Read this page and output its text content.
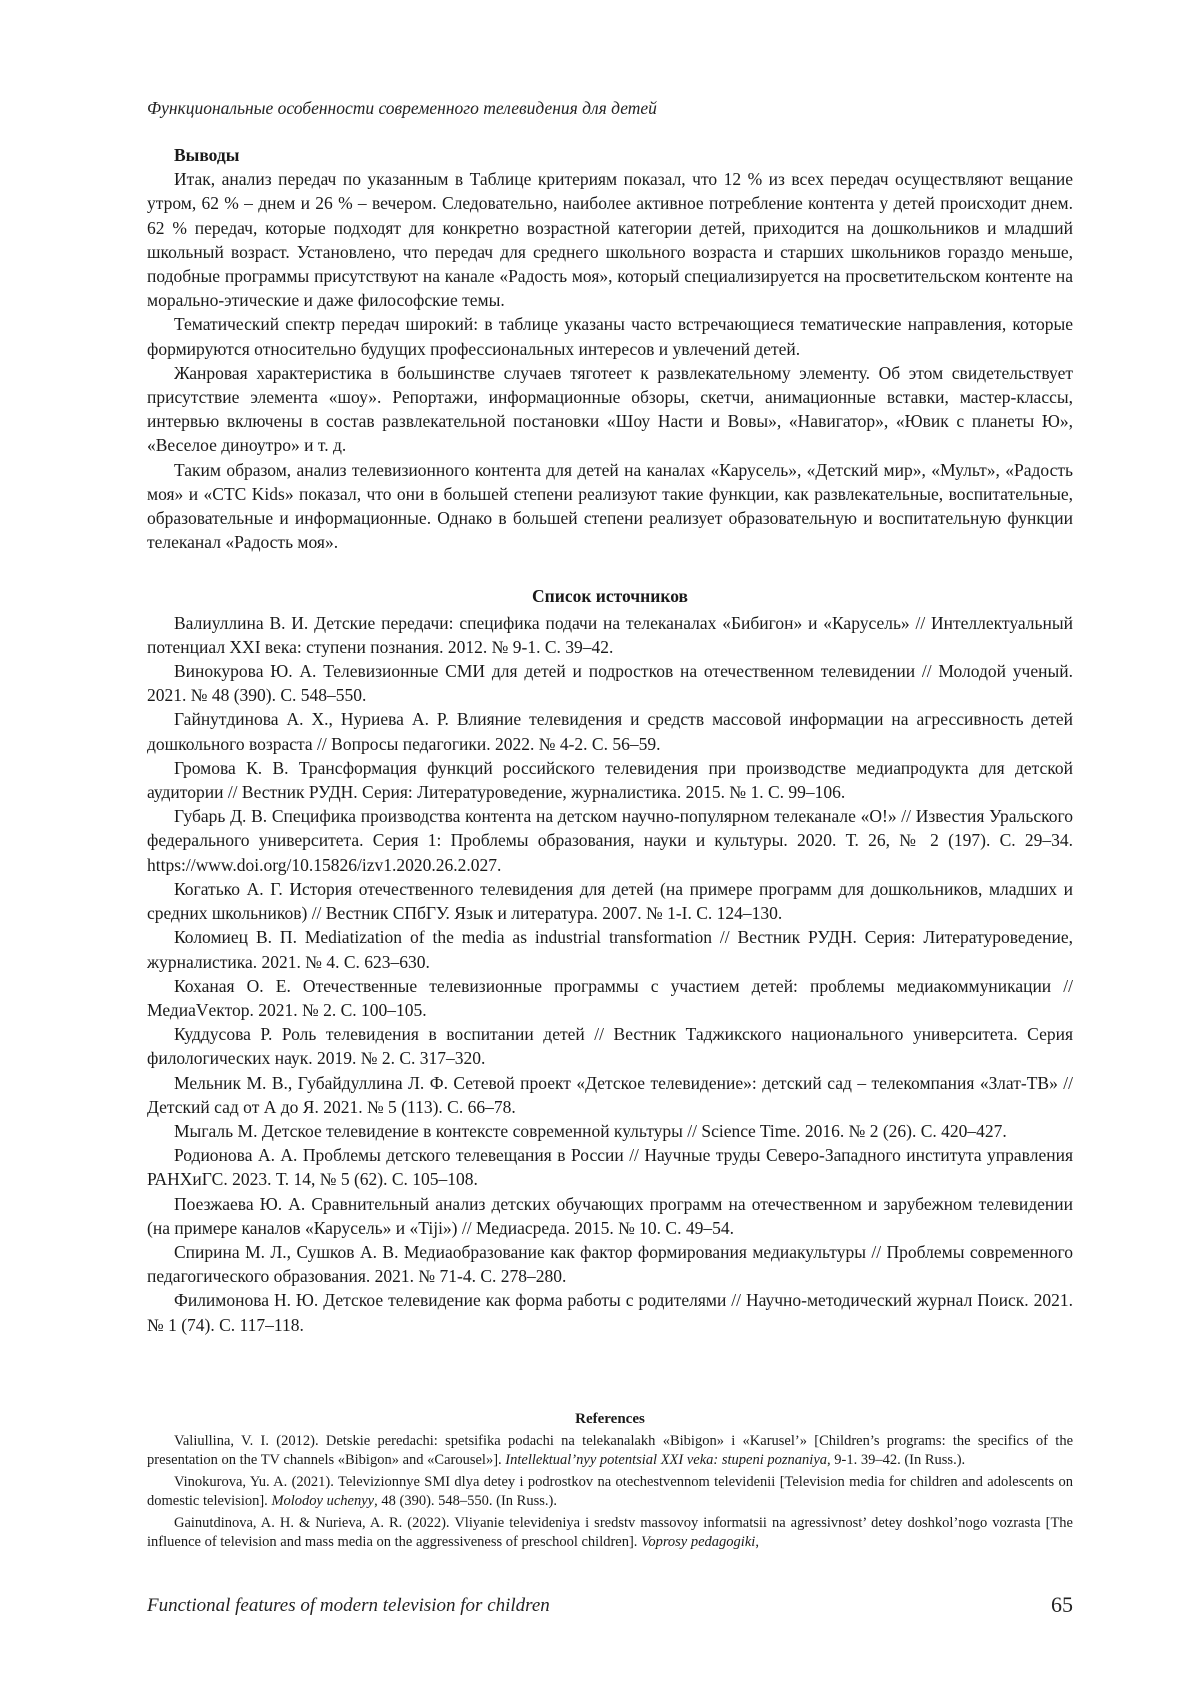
Функциональные особенности современного телевидения для детей
Выводы

Итак, анализ передач по указанным в Таблице критериям показал, что 12 % из всех передач осуществляют вещание утром, 62 % – днем и 26 % – вечером. Следовательно, наиболее активное потребление контента у детей происходит днем. 62 % передач, которые подходят для конкретно возрастной категории детей, приходится на дошкольников и младший школьный возраст. Установлено, что передач для среднего школьного возраста и старших школьников гораздо меньше, подобные программы присутствуют на канале «Радость моя», который специализируется на просветительском контенте на морально-этические и даже философские темы.

Тематический спектр передач широкий: в таблице указаны часто встречающиеся тематические направления, которые формируются относительно будущих профессиональных интересов и увлечений детей.

Жанровая характеристика в большинстве случаев тяготеет к развлекательному элементу. Об этом свидетельствует присутствие элемента «шоу». Репортажи, информационные обзоры, скетчи, анимационные вставки, мастер-классы, интервью включены в состав развлекательной постановки «Шоу Насти и Вовы», «Навигатор», «Ювик с планеты Ю», «Веселое диноутро» и т. д.

Таким образом, анализ телевизионного контента для детей на каналах «Карусель», «Детский мир», «Мульт», «Радость моя» и «СТС Kids» показал, что они в большей степени реализуют такие функции, как развлекательные, воспитательные, образовательные и информационные. Однако в большей степени реализует образовательную и воспитательную функции телеканал «Радость моя».

Список источников

Валиуллина В. И. Детские передачи: специфика подачи на телеканалах «Бибигон» и «Карусель» // Интеллектуальный потенциал XXI века: ступени познания. 2012. № 9-1. С. 39–42.

Винокурова Ю. А. Телевизионные СМИ для детей и подростков на отечественном телевидении // Молодой ученый. 2021. № 48 (390). С. 548–550.

Гайнутдинова А. Х., Нуриева А. Р. Влияние телевидения и средств массовой информации на агрессивность детей дошкольного возраста // Вопросы педагогики. 2022. № 4-2. С. 56–59.

Громова К. В. Трансформация функций российского телевидения при производстве медиапродукта для детской аудитории // Вестник РУДН. Серия: Литературоведение, журналистика. 2015. № 1. С. 99–106.

Губарь Д. В. Специфика производства контента на детском научно-популярном телеканале «О!» // Известия Уральского федерального университета. Серия 1: Проблемы образования, науки и культуры. 2020. Т. 26, № 2 (197). С. 29–34. https://www.doi.org/10.15826/izv1.2020.26.2.027.

Когатько А. Г. История отечественного телевидения для детей (на примере программ для дошкольников, младших и средних школьников) // Вестник СПбГУ. Язык и литература. 2007. № 1-I. С. 124–130.

Коломиец В. П. Mediatization of the media as industrial transformation // Вестник РУДН. Серия: Литературоведение, журналистика. 2021. № 4. С. 623–630.

Коханая О. Е. Отечественные телевизионные программы с участием детей: проблемы медиакоммуникации // МедиаVектор. 2021. № 2. С. 100–105.

Куддусова Р. Роль телевидения в воспитании детей // Вестник Таджикского национального университета. Серия филологических наук. 2019. № 2. С. 317–320.

Мельник М. В., Губайдуллина Л. Ф. Сетевой проект «Детское телевидение»: детский сад – телекомпания «Злат-ТВ» // Детский сад от А до Я. 2021. № 5 (113). С. 66–78.

Мыгаль М. Детское телевидение в контексте современной культуры // Science Time. 2016. № 2 (26). С. 420–427.

Родионова А. А. Проблемы детского телевещания в России // Научные труды Северо-Западного института управления РАНХиГС. 2023. Т. 14, № 5 (62). С. 105–108.

Поезжаева Ю. А. Сравнительный анализ детских обучающих программ на отечественном и зарубежном телевидении (на примере каналов «Карусель» и «Tiji») // Медиасреда. 2015. № 10. С. 49–54.

Спирина М. Л., Сушков А. В. Медиаобразование как фактор формирования медиакультуры // Проблемы современного педагогического образования. 2021. № 71-4. С. 278–280.

Филимонова Н. Ю. Детское телевидение как форма работы с родителями // Научно-методический журнал Поиск. 2021. № 1 (74). С. 117–118.

References

Valiullina, V. I. (2012). Detskie peredachi: spetsifika podachi na telekanalakh «Bibigon» i «Karusel’» [Children’s programs: the specifics of the presentation on the TV channels «Bibigon» and «Carousel»]. Intellektual’nyy potentsial XXI veka: stupeni poznaniya, 9-1. 39–42. (In Russ.).

Vinokurova, Yu. A. (2021). Televizionnye SMI dlya detey i podrostkov na otechestvennom televidenii [Television media for children and adolescents on domestic television]. Molodoy uchenyy, 48 (390). 548–550. (In Russ.).

Gainutdinova, A. H. & Nurieva, A. R. (2022). Vliyanie televideniya i sredstv massovoy informatsii na agressivnost’ detey doshkol’nogo vozrasta [The influence of television and mass media on the aggressiveness of preschool children]. Voprosy pedagogiki,

Functional features of modern television for children	65
